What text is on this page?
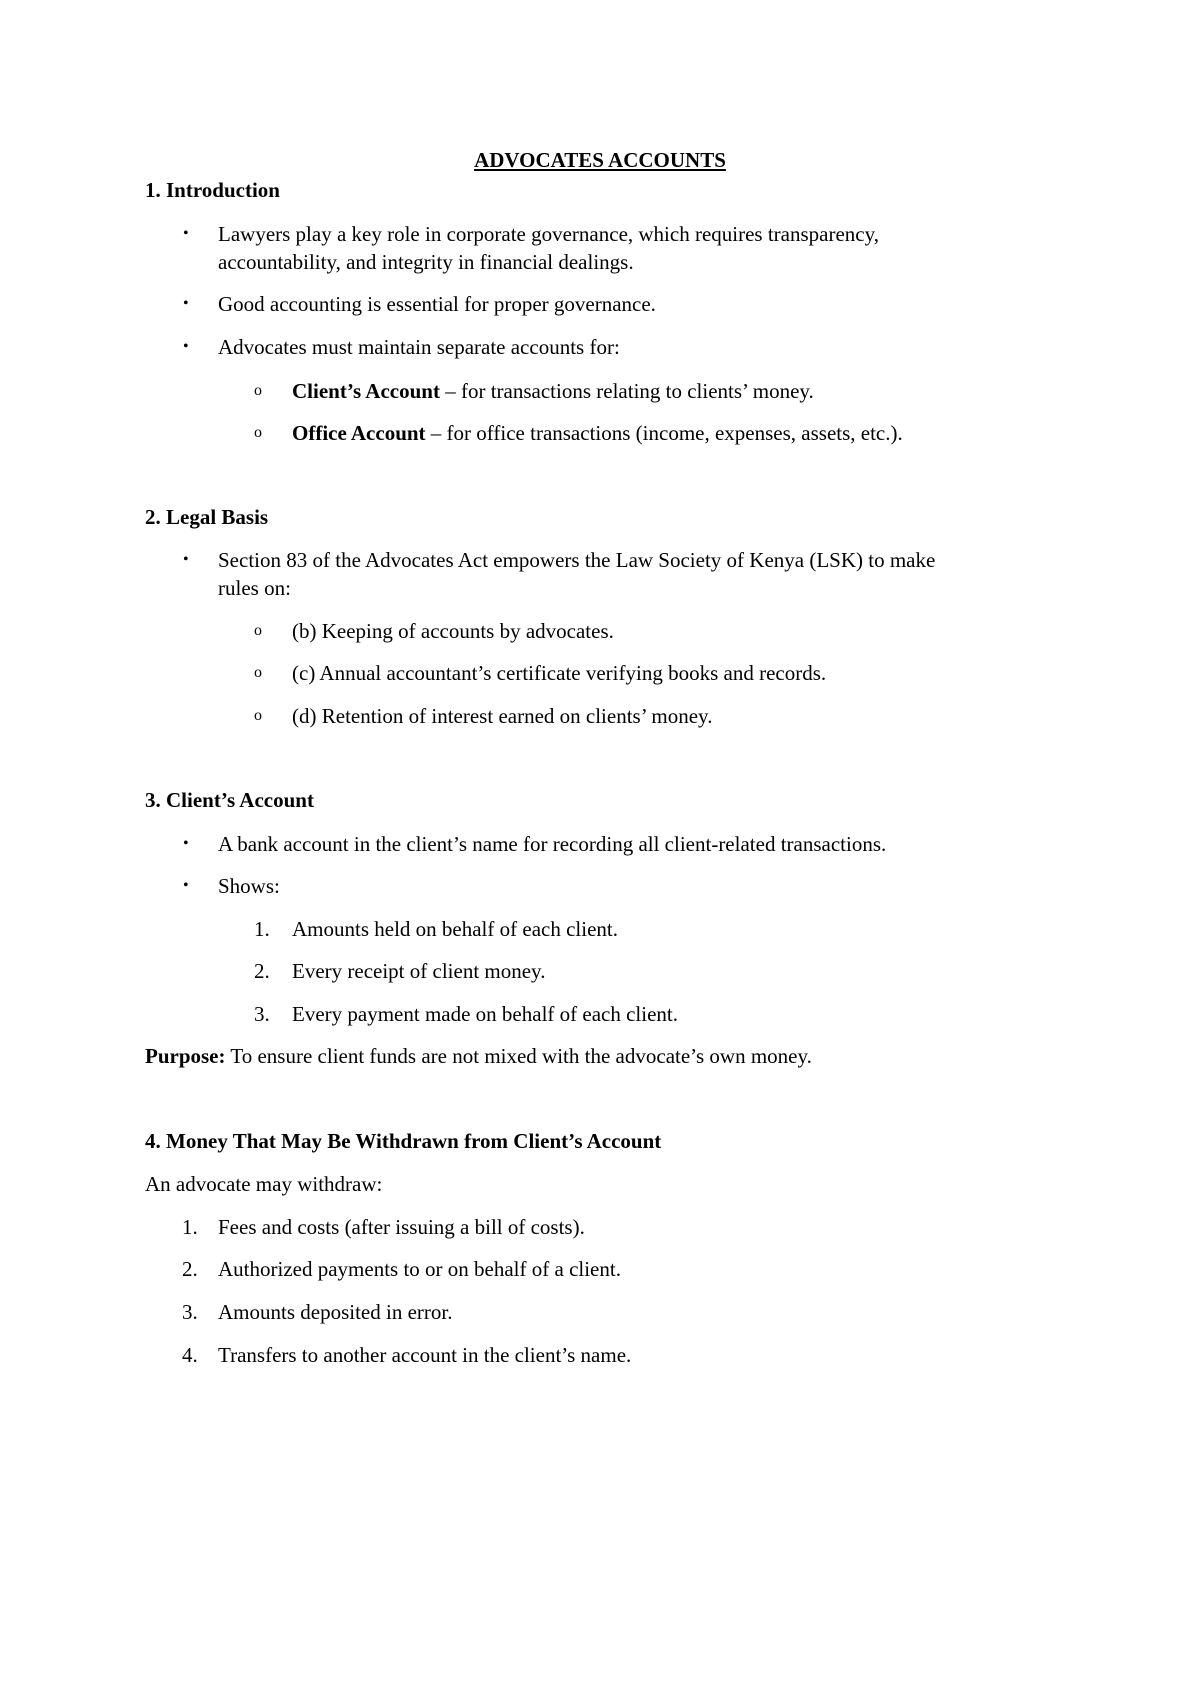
ADVOCATES ACCOUNTS
1. Introduction
• Lawyers play a key role in corporate governance, which requires transparency,
accountability, and integrity in financial dealings.
• Good accounting is essential for proper governance.
• Advocates must maintain separate accounts for:
o Client’s Account – for transactions relating to clients’ money.
o Office Account – for office transactions (income, expenses, assets, etc.).
2. Legal Basis
• Section 83 of the Advocates Act empowers the Law Society of Kenya (LSK) to make
rules on:
o (b) Keeping of accounts by advocates.
o (c) Annual accountant’s certificate verifying books and records.
o (d) Retention of interest earned on clients’ money.
3. Client’s Account
• A bank account in the client’s name for recording all client-related transactions.
• Shows:
1. Amounts held on behalf of each client.
2. Every receipt of client money.
3. Every payment made on behalf of each client.
Purpose: To ensure client funds are not mixed with the advocate’s own money.
4. Money That May Be Withdrawn from Client’s Account
An advocate may withdraw:
1. Fees and costs (after issuing a bill of costs).
2. Authorized payments to or on behalf of a client.
3. Amounts deposited in error.
4. Transfers to another account in the client’s name.
